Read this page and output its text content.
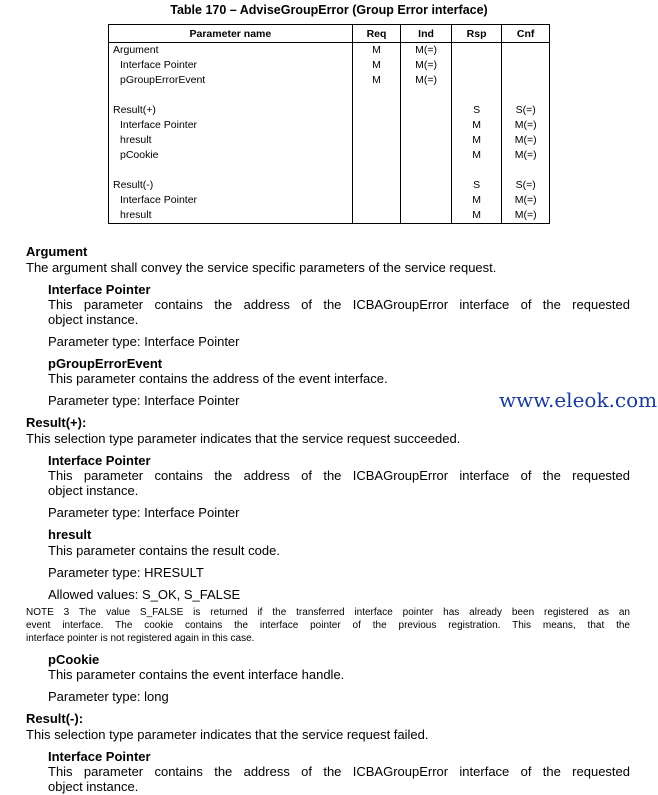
Table 170 – AdviseGroupError (Group Error interface)
Parameter name	Req	Ind	Rsp	Cnf
Argument	M	M(=)		
Interface Pointer	M	M(=)		
pGroupErrorEvent	M	M(=)		

Result(+)			S	S(=)
Interface Pointer			M	M(=)
hresult			M	M(=)
pCookie			M	M(=)

Result(-)			S	S(=)
Interface Pointer			M	M(=)
hresult			M	M(=)
Argument
The argument shall convey the service specific parameters of the service request.
Interface Pointer
This parameter contains the address of the ICBAGroupError interface of the requested
object instance.
Parameter type: Interface Pointer
pGroupErrorEvent
This parameter contains the address of the event interface.
Parameter type: Interface Pointer	www.eleok.com
Result(+):
This selection type parameter indicates that the service request succeeded.
Interface Pointer
This parameter contains the address of the ICBAGroupError interface of the requested
object instance.
Parameter type: Interface Pointer
hresult
This parameter contains the result code.
Parameter type: HRESULT
Allowed values: S_OK, S_FALSE
NOTE 3 The value S_FALSE is returned if the transferred interface pointer has already been registered as an
event interface. The cookie contains the interface pointer of the previous registration. This means, that the
interface pointer is not registered again in this case.
pCookie
This parameter contains the event interface handle.
Parameter type: long
Result(-):
This selection type parameter indicates that the service request failed.
Interface Pointer
This parameter contains the address of the ICBAGroupError interface of the requested
object instance.
